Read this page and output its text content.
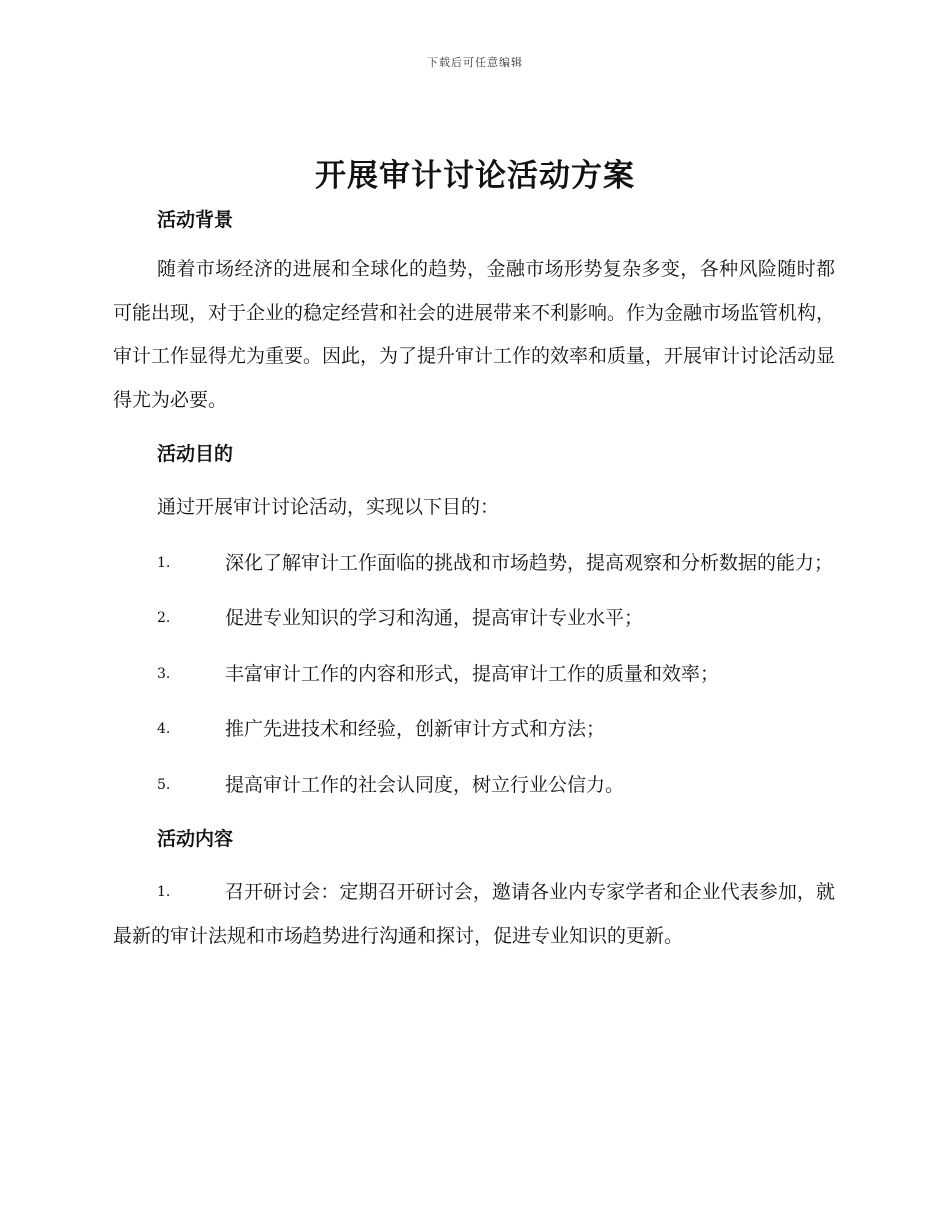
下载后可任意编辑
开展审计讨论活动方案
活动背景

随着市场经济的进展和全球化的趋势，金融市场形势复杂多变，各种风险随时都可能出现，对于企业的稳定经营和社会的进展带来不利影响。作为金融市场监管机构，审计工作显得尤为重要。因此，为了提升审计工作的效率和质量，开展审计讨论活动显得尤为必要。

活动目的

通过开展审计讨论活动，实现以下目的：

1.	深化了解审计工作面临的挑战和市场趋势，提高观察和分析数据的能力；
2.	促进专业知识的学习和沟通，提高审计专业水平；
3.	丰富审计工作的内容和形式，提高审计工作的质量和效率；
4.	推广先进技术和经验，创新审计方式和方法；
5.	提高审计工作的社会认同度，树立行业公信力。
活动内容
1.	召开研讨会：定期召开研讨会，邀请各业内专家学者和企业代表参加，就最新的审计法规和市场趋势进行沟通和探讨，促进专业知识的更新。
